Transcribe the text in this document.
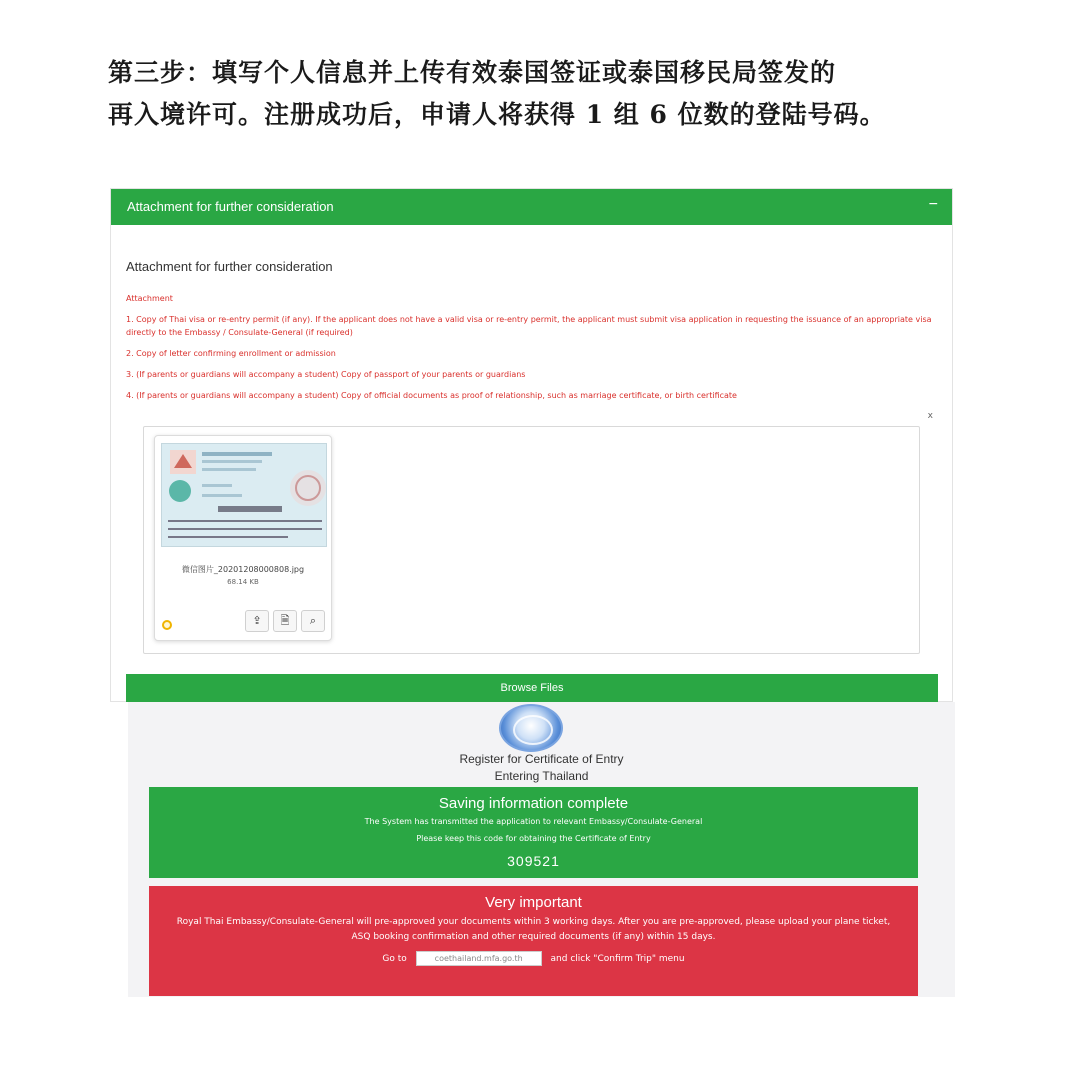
第三步：填写个人信息并上传有效泰国签证或泰国移民局签发的
再入境许可。注册成功后，申请人将获得 1 组 6 位数的登陆号码。
Attachment for further consideration	−
Attachment for further consideration
Attachment
1. Copy of Thai visa or re-entry permit (if any). If the applicant does not have a valid visa or re-entry permit, the applicant must submit visa application in requesting the issuance of an appropriate visa directly to the Embassy / Consulate-General (if required)
2. Copy of letter confirming enrollment or admission
3. (If parents or guardians will accompany a student) Copy of passport of your parents or guardians
4. (If parents or guardians will accompany a student) Copy of official documents as proof of relationship, such as marriage certificate, or birth certificate
x
微信图片_20201208000808.jpg
68.14 KB
⇪	🗎	⌕
Browse Files
Register for Certificate of Entry
Entering Thailand
Saving information complete
The System has transmitted the application to relevant Embassy/Consulate-General
Please keep this code for obtaining the Certificate of Entry
309521
Very important
Royal Thai Embassy/Consulate-General will pre-approved your documents within 3 working days. After you are pre-approved, please upload your plane ticket, ASQ booking confirmation and other required documents (if any) within 15 days.
Go to	coethailand.mfa.go.th	and click "Confirm Trip" menu
